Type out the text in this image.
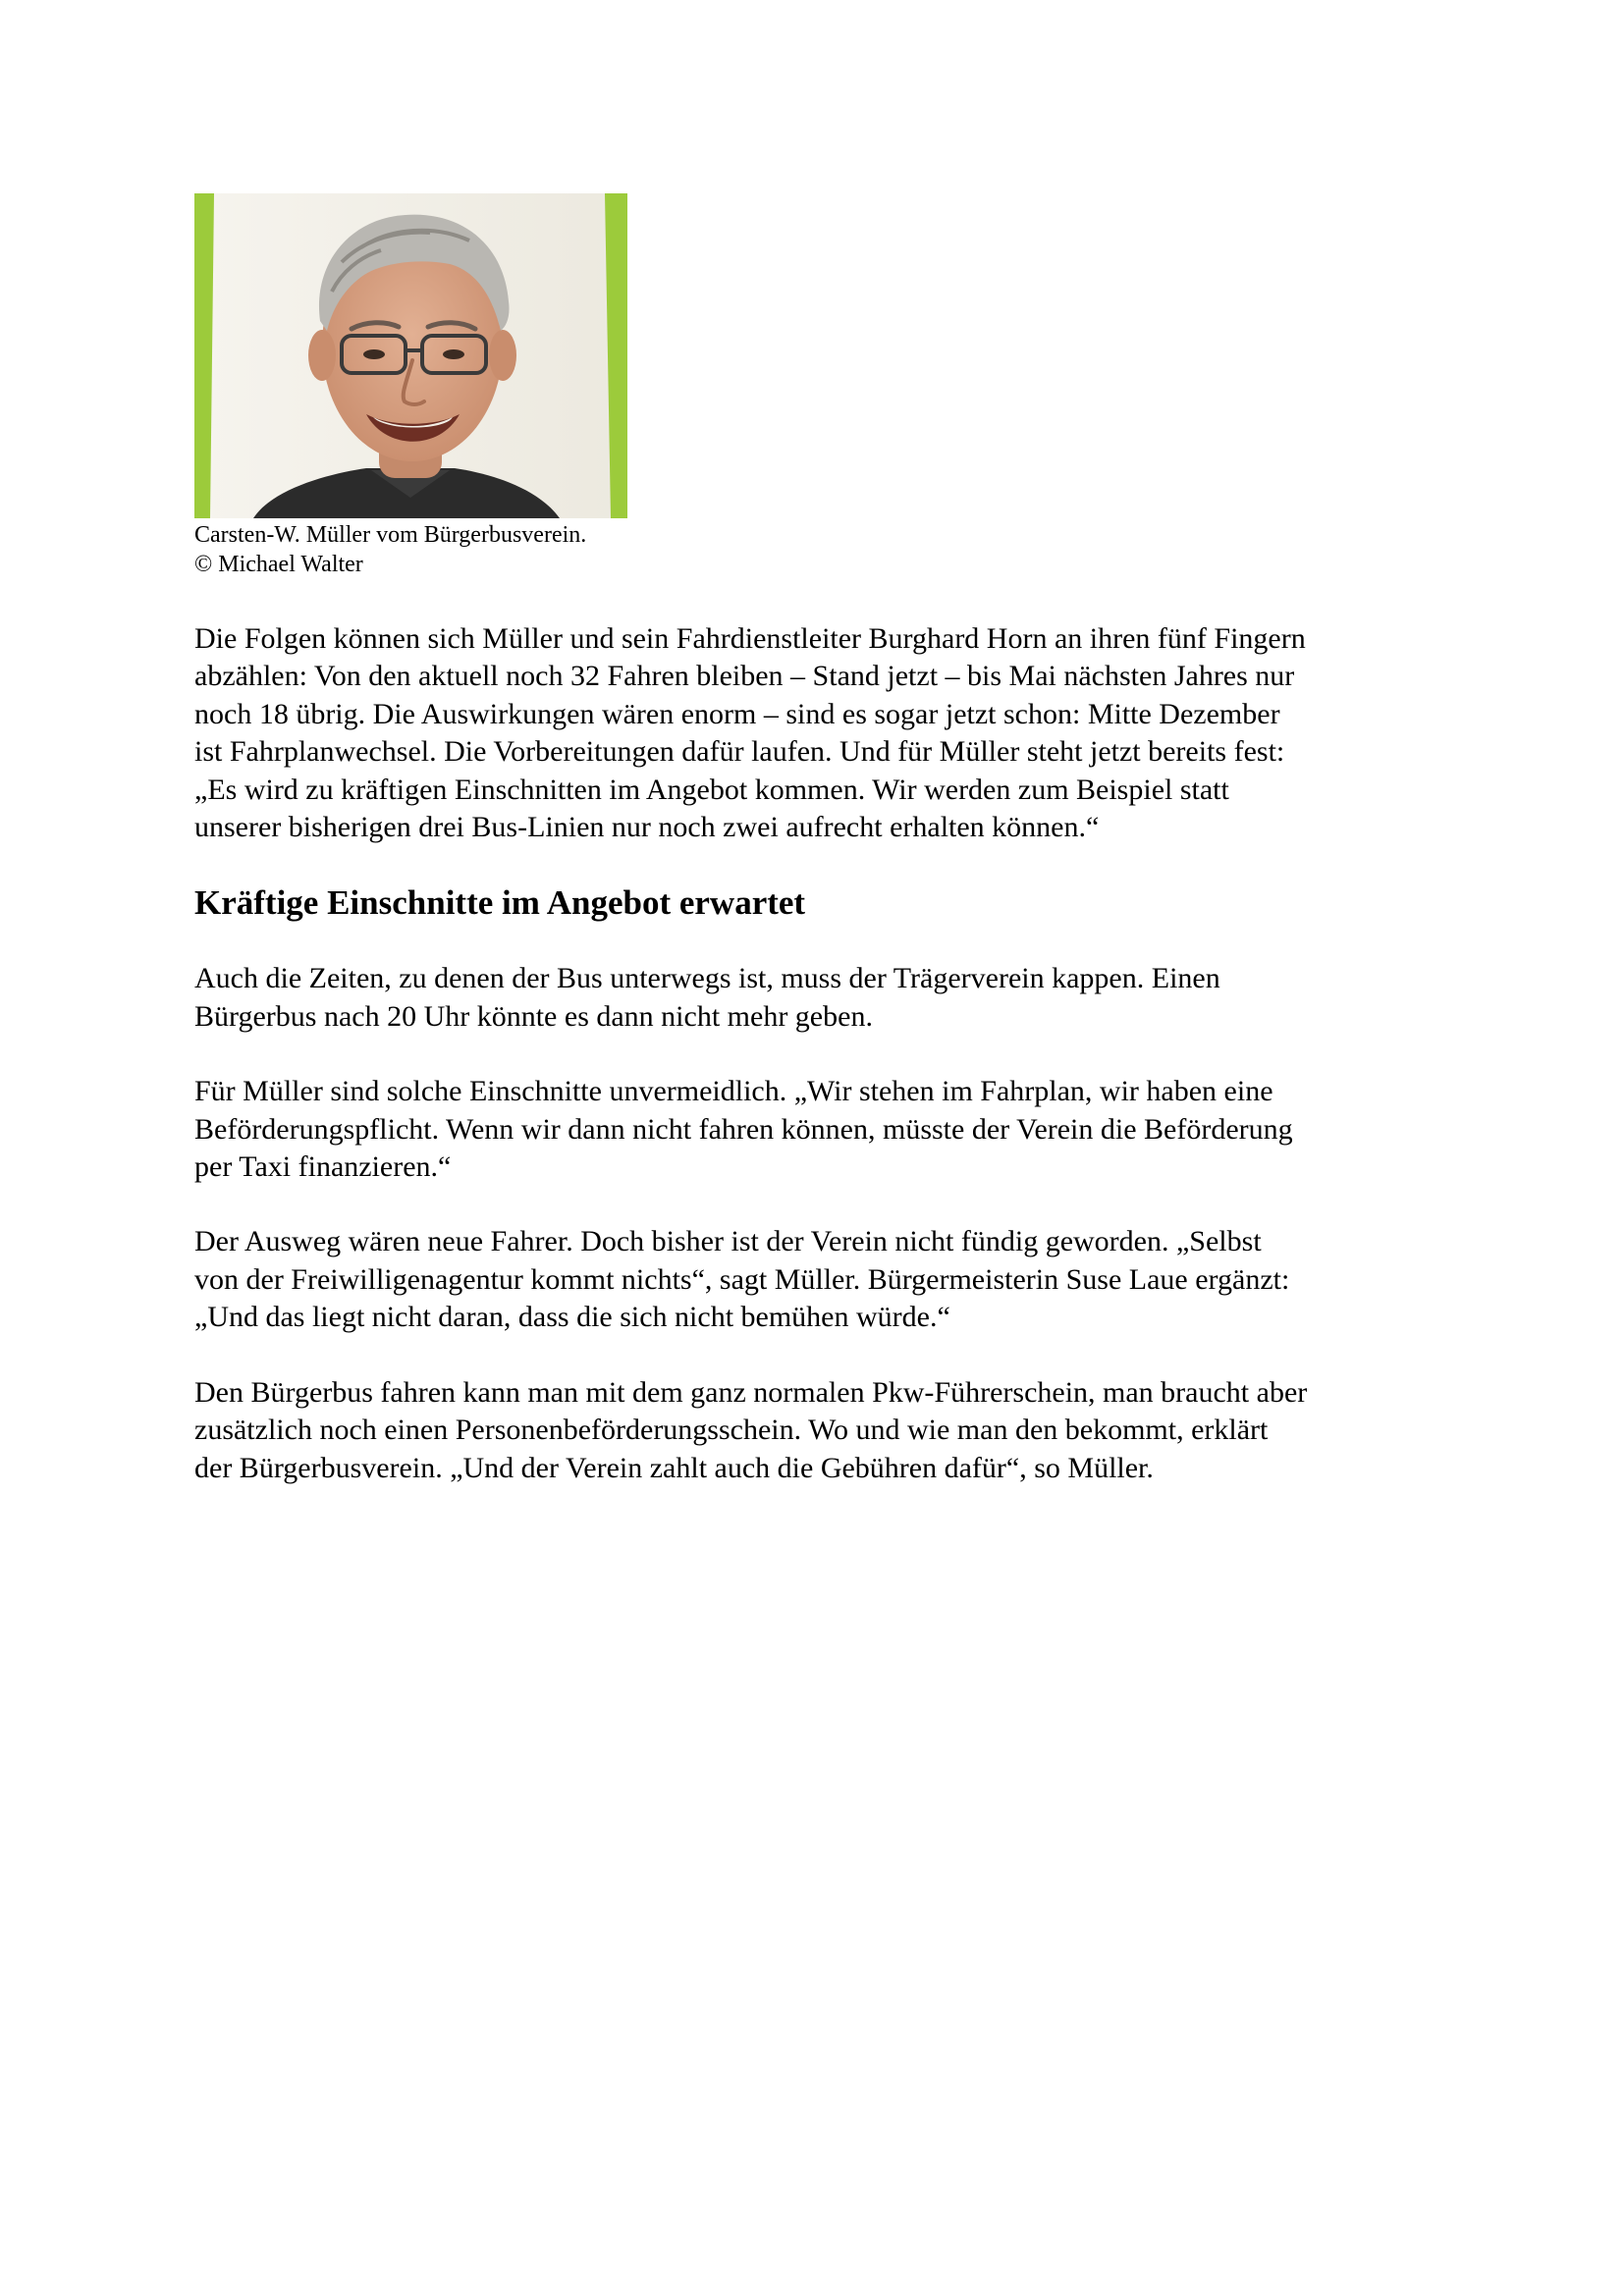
Carsten-W. Müller vom Bürgerbusverein.
© Michael Walter

Die Folgen können sich Müller und sein Fahrdienstleiter Burghard Horn an ihren fünf Fingern
abzählen: Von den aktuell noch 32 Fahren bleiben – Stand jetzt – bis Mai nächsten Jahres nur
noch 18 übrig. Die Auswirkungen wären enorm – sind es sogar jetzt schon: Mitte Dezember
ist Fahrplanwechsel. Die Vorbereitungen dafür laufen. Und für Müller steht jetzt bereits fest:
„Es wird zu kräftigen Einschnitten im Angebot kommen. Wir werden zum Beispiel statt
unserer bisherigen drei Bus-Linien nur noch zwei aufrecht erhalten können.“

Kräftige Einschnitte im Angebot erwartet

Auch die Zeiten, zu denen der Bus unterwegs ist, muss der Trägerverein kappen. Einen
Bürgerbus nach 20 Uhr könnte es dann nicht mehr geben.

Für Müller sind solche Einschnitte unvermeidlich. „Wir stehen im Fahrplan, wir haben eine
Beförderungspflicht. Wenn wir dann nicht fahren können, müsste der Verein die Beförderung
per Taxi finanzieren.“

Der Ausweg wären neue Fahrer. Doch bisher ist der Verein nicht fündig geworden. „Selbst
von der Freiwilligenagentur kommt nichts“, sagt Müller. Bürgermeisterin Suse Laue ergänzt:
„Und das liegt nicht daran, dass die sich nicht bemühen würde.“

Den Bürgerbus fahren kann man mit dem ganz normalen Pkw-Führerschein, man braucht aber
zusätzlich noch einen Personenbeförderungsschein. Wo und wie man den bekommt, erklärt
der Bürgerbusverein. „Und der Verein zahlt auch die Gebühren dafür“, so Müller.
